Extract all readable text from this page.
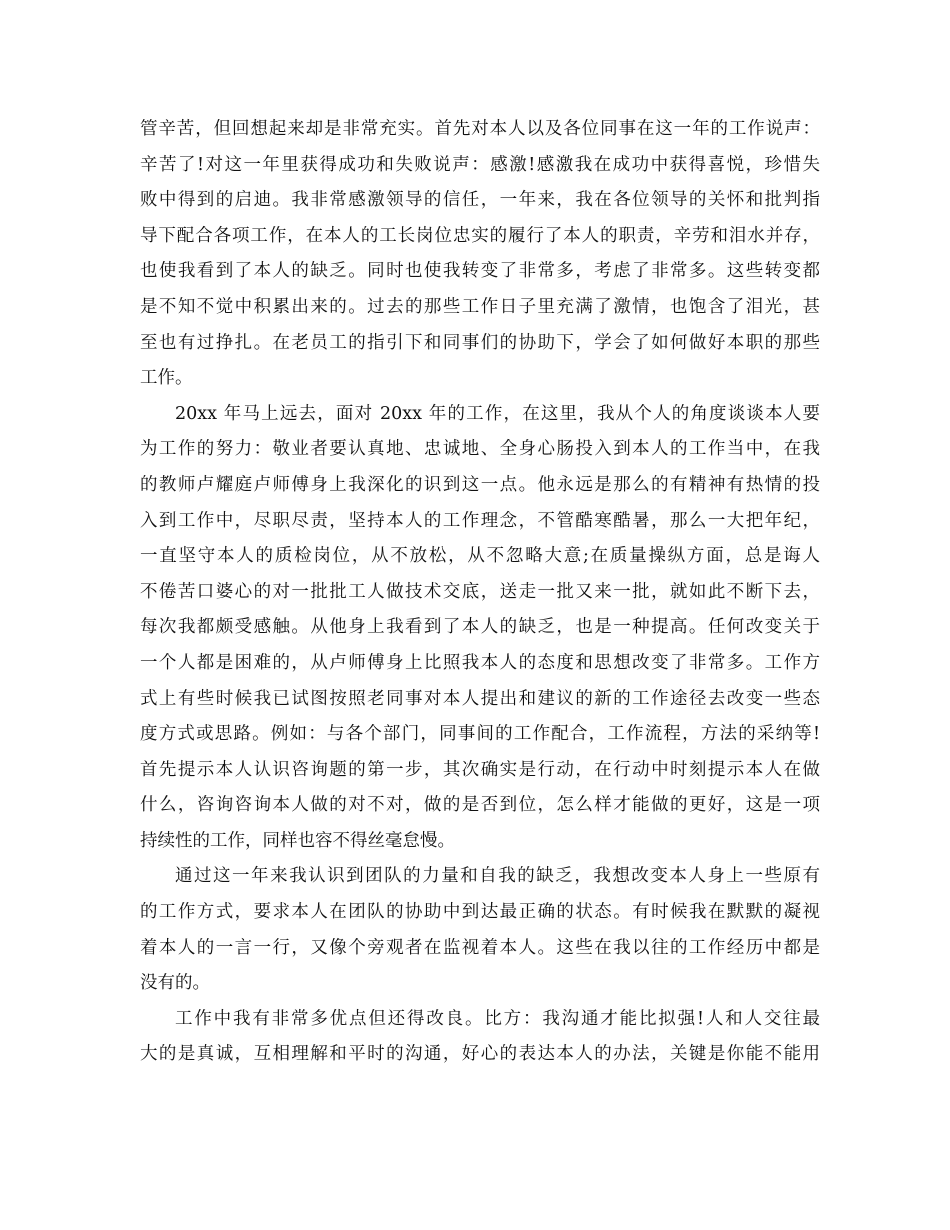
管辛苦，但回想起来却是非常充实。首先对本人以及各位同事在这一年的工作说声：
辛苦了!对这一年里获得成功和失败说声：感激!感激我在成功中获得喜悦，珍惜失
败中得到的启迪。我非常感激领导的信任，一年来，我在各位领导的关怀和批判指
导下配合各项工作，在本人的工长岗位忠实的履行了本人的职责，辛劳和泪水并存，
也使我看到了本人的缺乏。同时也使我转变了非常多，考虑了非常多。这些转变都
是不知不觉中积累出来的。过去的那些工作日子里充满了激情，也饱含了泪光，甚
至也有过挣扎。在老员工的指引下和同事们的协助下，学会了如何做好本职的那些
工作。
20xx 年马上远去，面对 20xx 年的工作，在这里，我从个人的角度谈谈本人要
为工作的努力：敬业者要认真地、忠诚地、全身心肠投入到本人的工作当中，在我
的教师卢耀庭卢师傅身上我深化的识到这一点。他永远是那么的有精神有热情的投
入到工作中，尽职尽责，坚持本人的工作理念，不管酷寒酷暑，那么一大把年纪，
一直坚守本人的质检岗位，从不放松，从不忽略大意;在质量操纵方面，总是诲人
不倦苦口婆心的对一批批工人做技术交底，送走一批又来一批，就如此不断下去，
每次我都颇受感触。从他身上我看到了本人的缺乏，也是一种提高。任何改变关于
一个人都是困难的，从卢师傅身上比照我本人的态度和思想改变了非常多。工作方
式上有些时候我已试图按照老同事对本人提出和建议的新的工作途径去改变一些态
度方式或思路。例如：与各个部门，同事间的工作配合，工作流程，方法的采纳等!
首先提示本人认识咨询题的第一步，其次确实是行动，在行动中时刻提示本人在做
什么，咨询咨询本人做的对不对，做的是否到位，怎么样才能做的更好，这是一项
持续性的工作，同样也容不得丝毫怠慢。
通过这一年来我认识到团队的力量和自我的缺乏，我想改变本人身上一些原有
的工作方式，要求本人在团队的协助中到达最正确的状态。有时候我在默默的凝视
着本人的一言一行，又像个旁观者在监视着本人。这些在我以往的工作经历中都是
没有的。
工作中我有非常多优点但还得改良。比方：我沟通才能比拟强!人和人交往最
大的是真诚，互相理解和平时的沟通，好心的表达本人的办法，关键是你能不能用
